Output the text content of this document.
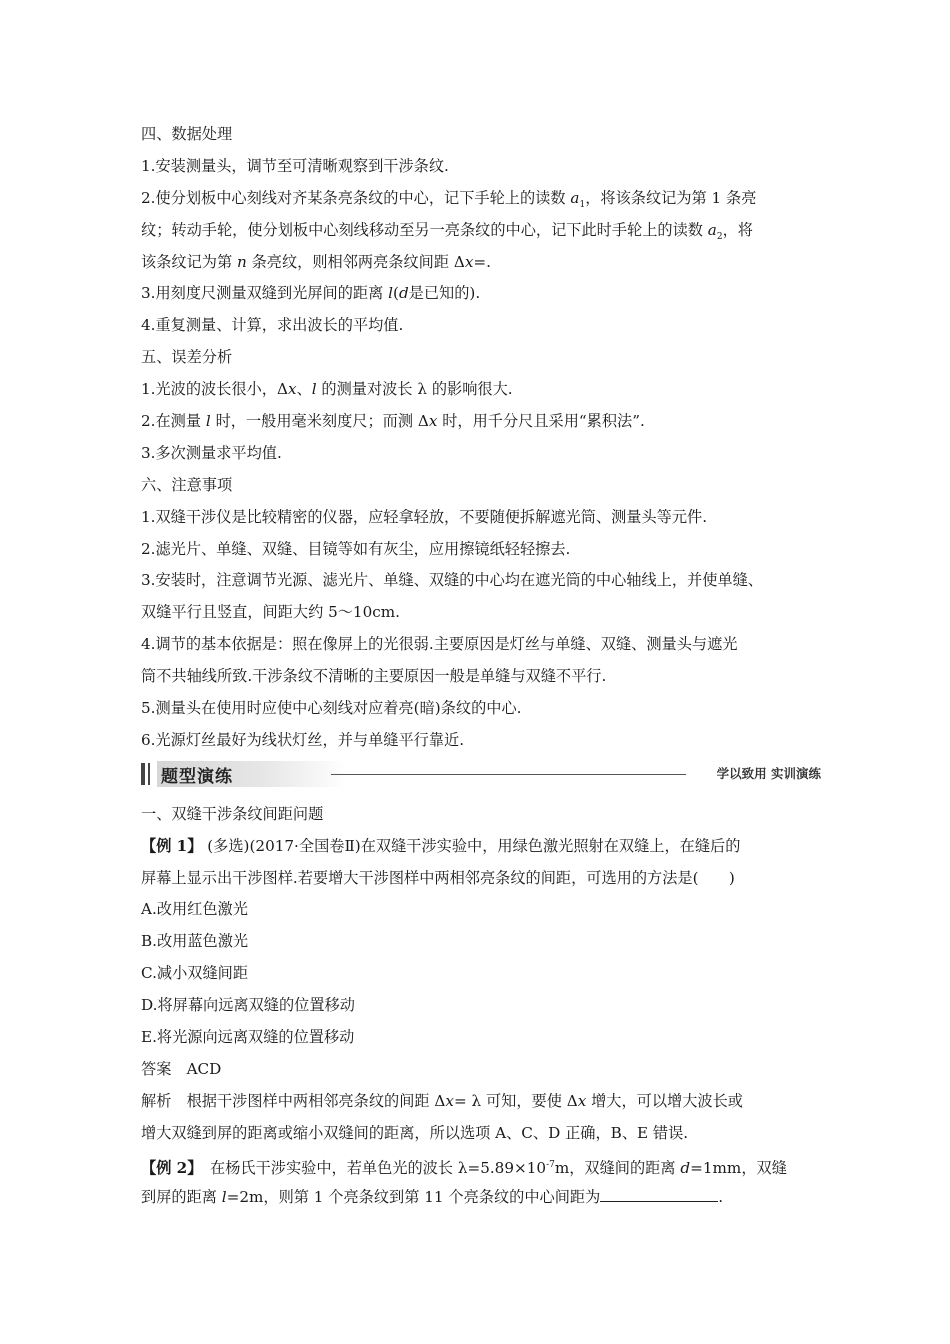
四、数据处理
1.安装测量头，调节至可清晰观察到干涉条纹.
2.使分划板中心刻线对齐某条亮条纹的中心，记下手轮上的读数 $a_1$，将该条纹记为第 1 条亮
纹；转动手轮，使分划板中心刻线移动至另一亮条纹的中心，记下此时手轮上的读数 $a_2$，将
该条纹记为第 n 条亮纹，则相邻两亮条纹间距 Δx=.
3.用刻度尺测量双缝到光屏间的距离 l(d是已知的).
4.重复测量、计算，求出波长的平均值.
五、误差分析
1.光波的波长很小，Δx、l 的测量对波长 λ 的影响很大.
2.在测量 l 时，一般用毫米刻度尺；而测 Δx 时，用千分尺且采用“累积法”.
3.多次测量求平均值.
六、注意事项
1.双缝干涉仪是比较精密的仪器，应轻拿轻放，不要随便拆解遮光筒、测量头等元件.
2.滤光片、单缝、双缝、目镜等如有灰尘，应用擦镜纸轻轻擦去.
3.安装时，注意调节光源、滤光片、单缝、双缝的中心均在遮光筒的中心轴线上，并使单缝、
双缝平行且竖直，间距大约 5～10cm.
4.调节的基本依据是：照在像屏上的光很弱.主要原因是灯丝与单缝、双缝、测量头与遮光
筒不共轴线所致.干涉条纹不清晰的主要原因一般是单缝与双缝不平行.
5.测量头在使用时应使中心刻线对应着亮(暗)条纹的中心.
6.光源灯丝最好为线状灯丝，并与单缝平行靠近.
题型演练	学以致用 实训演练
一、双缝干涉条纹间距问题
【例 1】 (多选)(2017·全国卷Ⅱ)在双缝干涉实验中，用绿色激光照射在双缝上，在缝后的
屏幕上显示出干涉图样.若要增大干涉图样中两相邻亮条纹的间距，可选用的方法是(　　)
A.改用红色激光
B.改用蓝色激光
C.减小双缝间距
D.将屏幕向远离双缝的位置移动
E.将光源向远离双缝的位置移动
答案　ACD
解析　根据干涉图样中两相邻亮条纹的间距 Δx= λ 可知，要使 Δx 增大，可以增大波长或
增大双缝到屏的距离或缩小双缝间的距离，所以选项 A、C、D 正确，B、E 错误.
【例 2】　在杨氏干涉实验中，若单色光的波长 $\lambda=5.89\times 10^{-7}m$，双缝间的距离 d=1mm，双缝
到屏的距离 l=2m，则第 1 个亮条纹到第 11 个亮条纹的中心间距为	.
